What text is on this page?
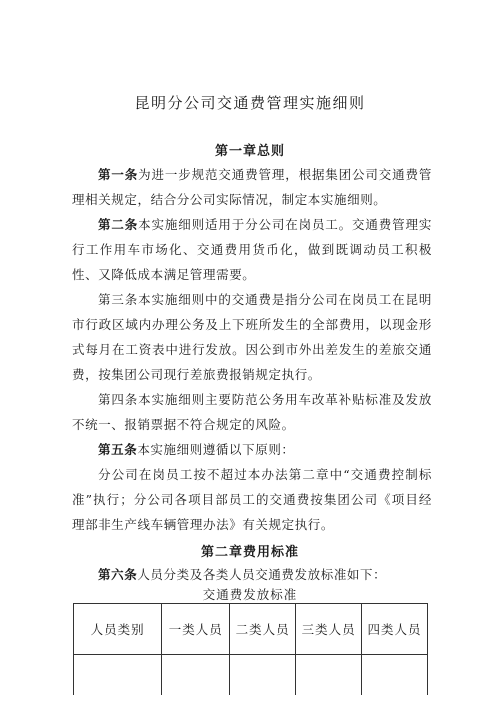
昆明分公司交通费管理实施细则
第一章总则
第一条为进一步规范交通费管理，根据集团公司交通费管理相关规定，结合分公司实际情况，制定本实施细则。
第二条本实施细则适用于分公司在岗员工。交通费管理实行工作用车市场化、交通费用货币化，做到既调动员工积极性、又降低成本满足管理需要。
第三条本实施细则中的交通费是指分公司在岗员工在昆明市行政区域内办理公务及上下班所发生的全部费用，以现金形式每月在工资表中进行发放。因公到市外出差发生的差旅交通费，按集团公司现行差旅费报销规定执行。
第四条本实施细则主要防范公务用车改革补贴标准及发放不统一、报销票据不符合规定的风险。
第五条本实施细则遵循以下原则：
分公司在岗员工按不超过本办法第二章中“交通费控制标准”执行；分公司各项目部员工的交通费按集团公司《项目经理部非生产线车辆管理办法》有关规定执行。
第二章费用标准
第六条人员分类及各类人员交通费发放标准如下：
交通费发放标准
人员类别	一类人员	二类人员	三类人员	四类人员
